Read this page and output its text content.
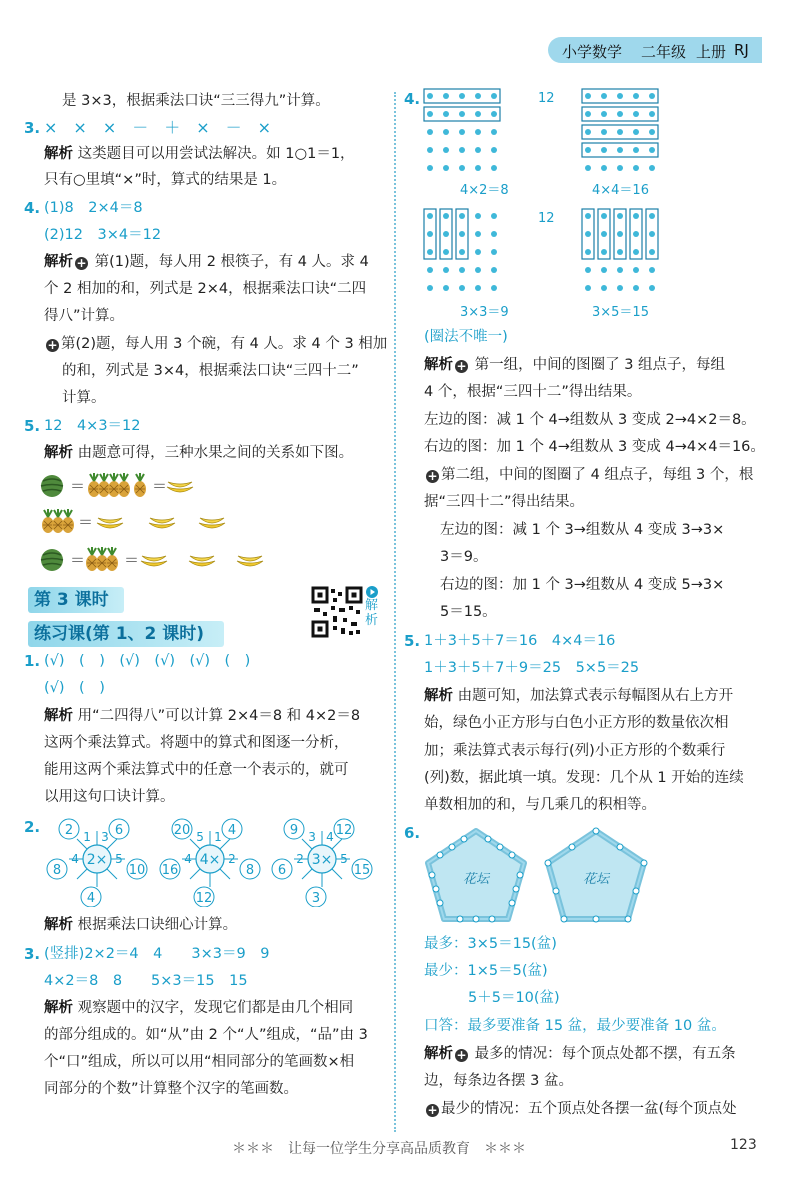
小学数学 二年级 上册 RJ
是 3×3，根据乘法口诀“三三得九”计算。
3. ×　×　×　－　＋　×　－　×
解析 这类题目可以用尝试法解决。如 1○1＝1，
只有○里填“×”时，算式的结果是 1。
4. (1)8　2×4＝8
(2)12　3×4＝12
解析 + 第(1)题，每人用 2 根筷子，有 4 人。求 4
个 2 相加的和，列式是 2×4，根据乘法口诀“二四
得八”计算。
+ 第(2)题，每人用 3 个碗，有 4 人。求 4 个 3 相加
的和，列式是 3×4，根据乘法口诀“三四十二”
计算。
5. 12　4×3＝12
解析 由题意可得，三种水果之间的关系如下图。
＝	＝
＝
＝	＝
第 3 课时
练习课(第 1、2 课时)
解析
1. (√)　(　)　(√)　(√)　(√)　(　)
(√)　(　)
解析 用“二四得八”可以计算 2×4＝8 和 4×2＝8
这两个乘法算式。将题中的算式和图逐一分析，
能用这两个乘法算式中的任意一个表示的，就可
以用这句口诀计算。
2.
2×
2	6
8	10
4
1 3
4	5	4×
20	4
16	8
12
5 1
4	2	3×
9	12
6	15
3
3 4
2	5
解析 根据乘法口诀细心计算。
3. (竖排)2×2＝4　4　　3×3＝9　9
4×2＝8　8　　5×3＝15　15
解析 观察题中的汉字，发现它们都是由几个相同
的部分组成的。如“从”由 2 个“人”组成，“品”由 3
个“口”组成，所以可以用“相同部分的笔画数×相
同部分的个数”计算整个汉字的笔画数。
4.
4×2＝8
12
4×4＝16
3×3＝9
12
3×5＝15
(圈法不唯一)
解析 + 第一组，中间的图圈了 3 组点子，每组
4 个，根据“三四十二”得出结果。
左边的图：减 1 个 4→组数从 3 变成 2→4×2＝8。
右边的图：加 1 个 4→组数从 3 变成 4→4×4＝16。
+ 第二组，中间的图圈了 4 组点子，每组 3 个，根
据“三四十二”得出结果。
左边的图：减 1 个 3→组数从 4 变成 3→3×
3＝9。
右边的图：加 1 个 3→组数从 4 变成 5→3×
5＝15。
5. 1＋3＋5＋7＝16　4×4＝16
1＋3＋5＋7＋9＝25　5×5＝25
解析 由题可知，加法算式表示每幅图从右上方开
始，绿色小正方形与白色小正方形的数量依次相
加；乘法算式表示每行(列)小正方形的个数乘行
(列)数，据此填一填。发现：几个从 1 开始的连续
单数相加的和，与几乘几的积相等。
6.
花坛	花坛
最多：3×5＝15(盆)
最少：1×5＝5(盆)
5＋5＝10(盆)
口答：最多要准备 15 盆，最少要准备 10 盆。
解析 + 最多的情况：每个顶点处都不摆，有五条
边，每条边各摆 3 盆。
+ 最少的情况：五个顶点处各摆一盆(每个顶点处
＊＊＊　让每一位学生分享高品质教育　＊＊＊	123
